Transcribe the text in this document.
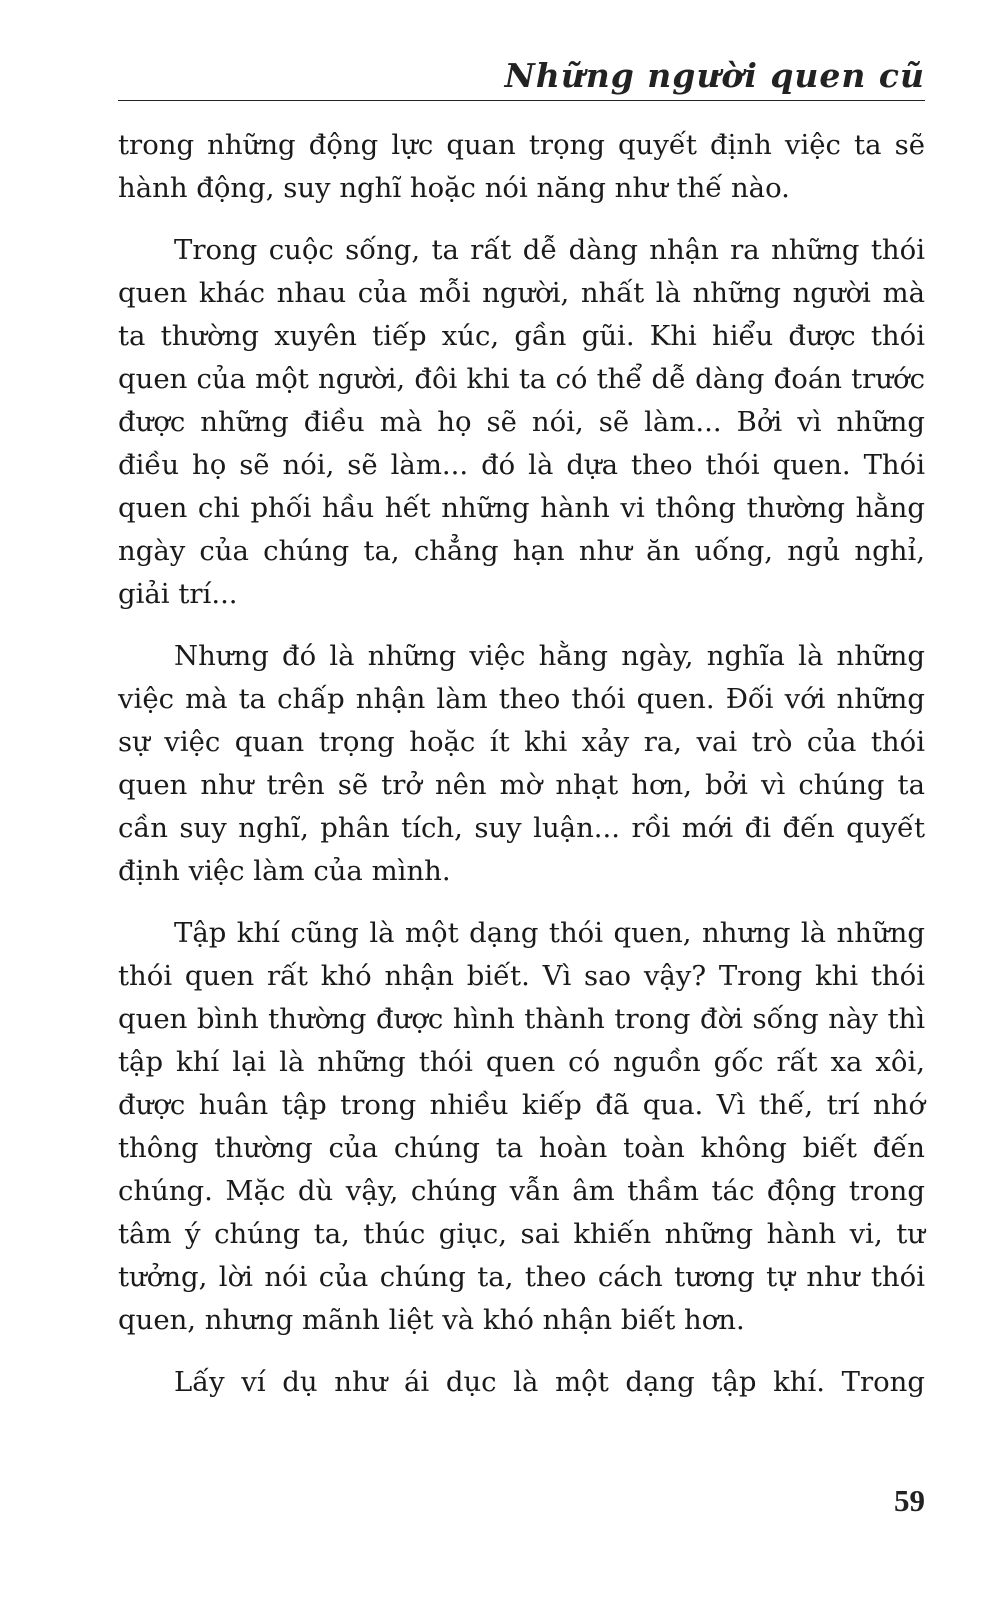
Những người quen cũ

trong những động lực quan trọng quyết định việc ta sẽ hành động, suy nghĩ hoặc nói năng như thế nào.

Trong cuộc sống, ta rất dễ dàng nhận ra những thói quen khác nhau của mỗi người, nhất là những người mà ta thường xuyên tiếp xúc, gần gũi. Khi hiểu được thói quen của một người, đôi khi ta có thể dễ dàng đoán trước được những điều mà họ sẽ nói, sẽ làm... Bởi vì những điều họ sẽ nói, sẽ làm... đó là dựa theo thói quen. Thói quen chi phối hầu hết những hành vi thông thường hằng ngày của chúng ta, chẳng hạn như ăn uống, ngủ nghỉ, giải trí...

Nhưng đó là những việc hằng ngày, nghĩa là những việc mà ta chấp nhận làm theo thói quen. Đối với những sự việc quan trọng hoặc ít khi xảy ra, vai trò của thói quen như trên sẽ trở nên mờ nhạt hơn, bởi vì chúng ta cần suy nghĩ, phân tích, suy luận... rồi mới đi đến quyết định việc làm của mình.

Tập khí cũng là một dạng thói quen, nhưng là những thói quen rất khó nhận biết. Vì sao vậy? Trong khi thói quen bình thường được hình thành trong đời sống này thì tập khí lại là những thói quen có nguồn gốc rất xa xôi, được huân tập trong nhiều kiếp đã qua. Vì thế, trí nhớ thông thường của chúng ta hoàn toàn không biết đến chúng. Mặc dù vậy, chúng vẫn âm thầm tác động trong tâm ý chúng ta, thúc giục, sai khiến những hành vi, tư tưởng, lời nói của chúng ta, theo cách tương tự như thói quen, nhưng mãnh liệt và khó nhận biết hơn.

Lấy ví dụ như ái dục là một dạng tập khí. Trong

59
